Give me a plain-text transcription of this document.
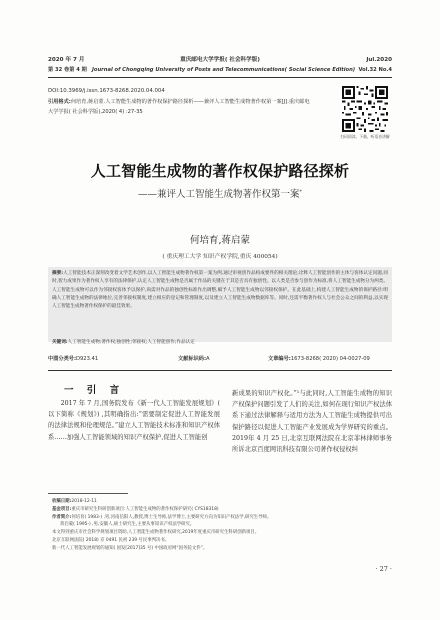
2020 年 7 月	重庆邮电大学学报( 社会科学版)	Jul.2020
第 32 卷第 4 期 Journal of Chongqing University of Posts and Telecommunications( Social Science Edition) Vol.32 No.4
DOI:10.3969/j.issn.1673-8268.2020.04.004
引用格式:何培育,蒋启蒙.人工智能生成物的著作权保护路径探析——兼评人工智能生成物著作权第一案[J].重庆邮电大学学报( 社会科学版),2020( 4) :27-35
扫码阅读、下载、听语音讲解
人工智能生成物的著作权保护路径探析
——兼评人工智能生成物著作权第一案*
何培育,蒋启蒙
( 重庆理工大学 知识产权学院,重庆 400054)
摘要:人工智能技术正深刻改变着文学艺术创作,以人工智能生成物著作权第一案为例,通过审视创作品构成要件的相关理论,诠释人工智能创作的主体与客体认定问题,同时,智力成果作为著作权人享有的法律保护,认定人工智能生成物是否属于作品的关键在于其是否具有独创性。以人类是否参与创作为标准,将人工智能生成物分为两类。人工智能生成物可以作为邻接权客体予以保护,尚需对作品的独创性标准作出调整,赋予人工智能生成物以邻接权保护。在此基础上,构建人工智能生成物的保护路径:明确人工智能生成物的法律地位,完善邻接权制度,建立相应的登记和管理制度,以及建立人工智能生成物数据库等。同时,还需平衡著作权人与社会公众之间的利益,以实现人工智能生成物著作权保护的最佳效果。
关键词:人工智能生成物;著作权;独创性;邻接权;人工智能创作;作品认定
中图分类号:D923.41	文献标识码:A	文章编号:1673-8268( 2020) 04-0027-09
一 引 言
2017 年 7 月,国务院发布《新一代人工智能发展规划》( 以下简称《规划》) ,其明确指出:“需要制定促进人工智能发展的法律法规和伦理规范。”建立人工智能技术标准和知识产权体系……加强人工智能领域的知识产权保护,促进人工智能创
新成果的知识产权化。”¹与此同时,人工智能生成物的知识产权保护问题引发了人们的关注,如何在现行知识产权法体系下通过法律解释与适用方法为人工智能生成物提供可出保护路径以促进人工智能产业发展成为学界研究的重点。2019年 4 月 25 日,北京互联网法院在北京菲林律师事务所诉北京百度网讯科技有限公司著作权侵权纠
收稿日期:2018-12-11
基金项目:重庆市研究生科研创新项目:人工智能生成物的著作权保护研究( CYS18318)
作者简介:何培育( 1983-) ,男,河南信阳人,教授,博士生导师,法学博士,主要研究方向为知识产权法学,研究生导师。
蒋启蒙( 1995-) ,男,安徽人,硕士研究生,主要从事知识产权法学研究。
本文得到重庆市社会科学规划项目资助,人工智能生成物著作权研究,2019年度重庆市研究生科研创新项目。
北京互联网法院( 2018) 京 0491 民初 239 号民事判决书。
新一代人工智能发展规划的通知( 国发[2017]35 号) 中国政府网“国务院文件”。
· 27 ·
